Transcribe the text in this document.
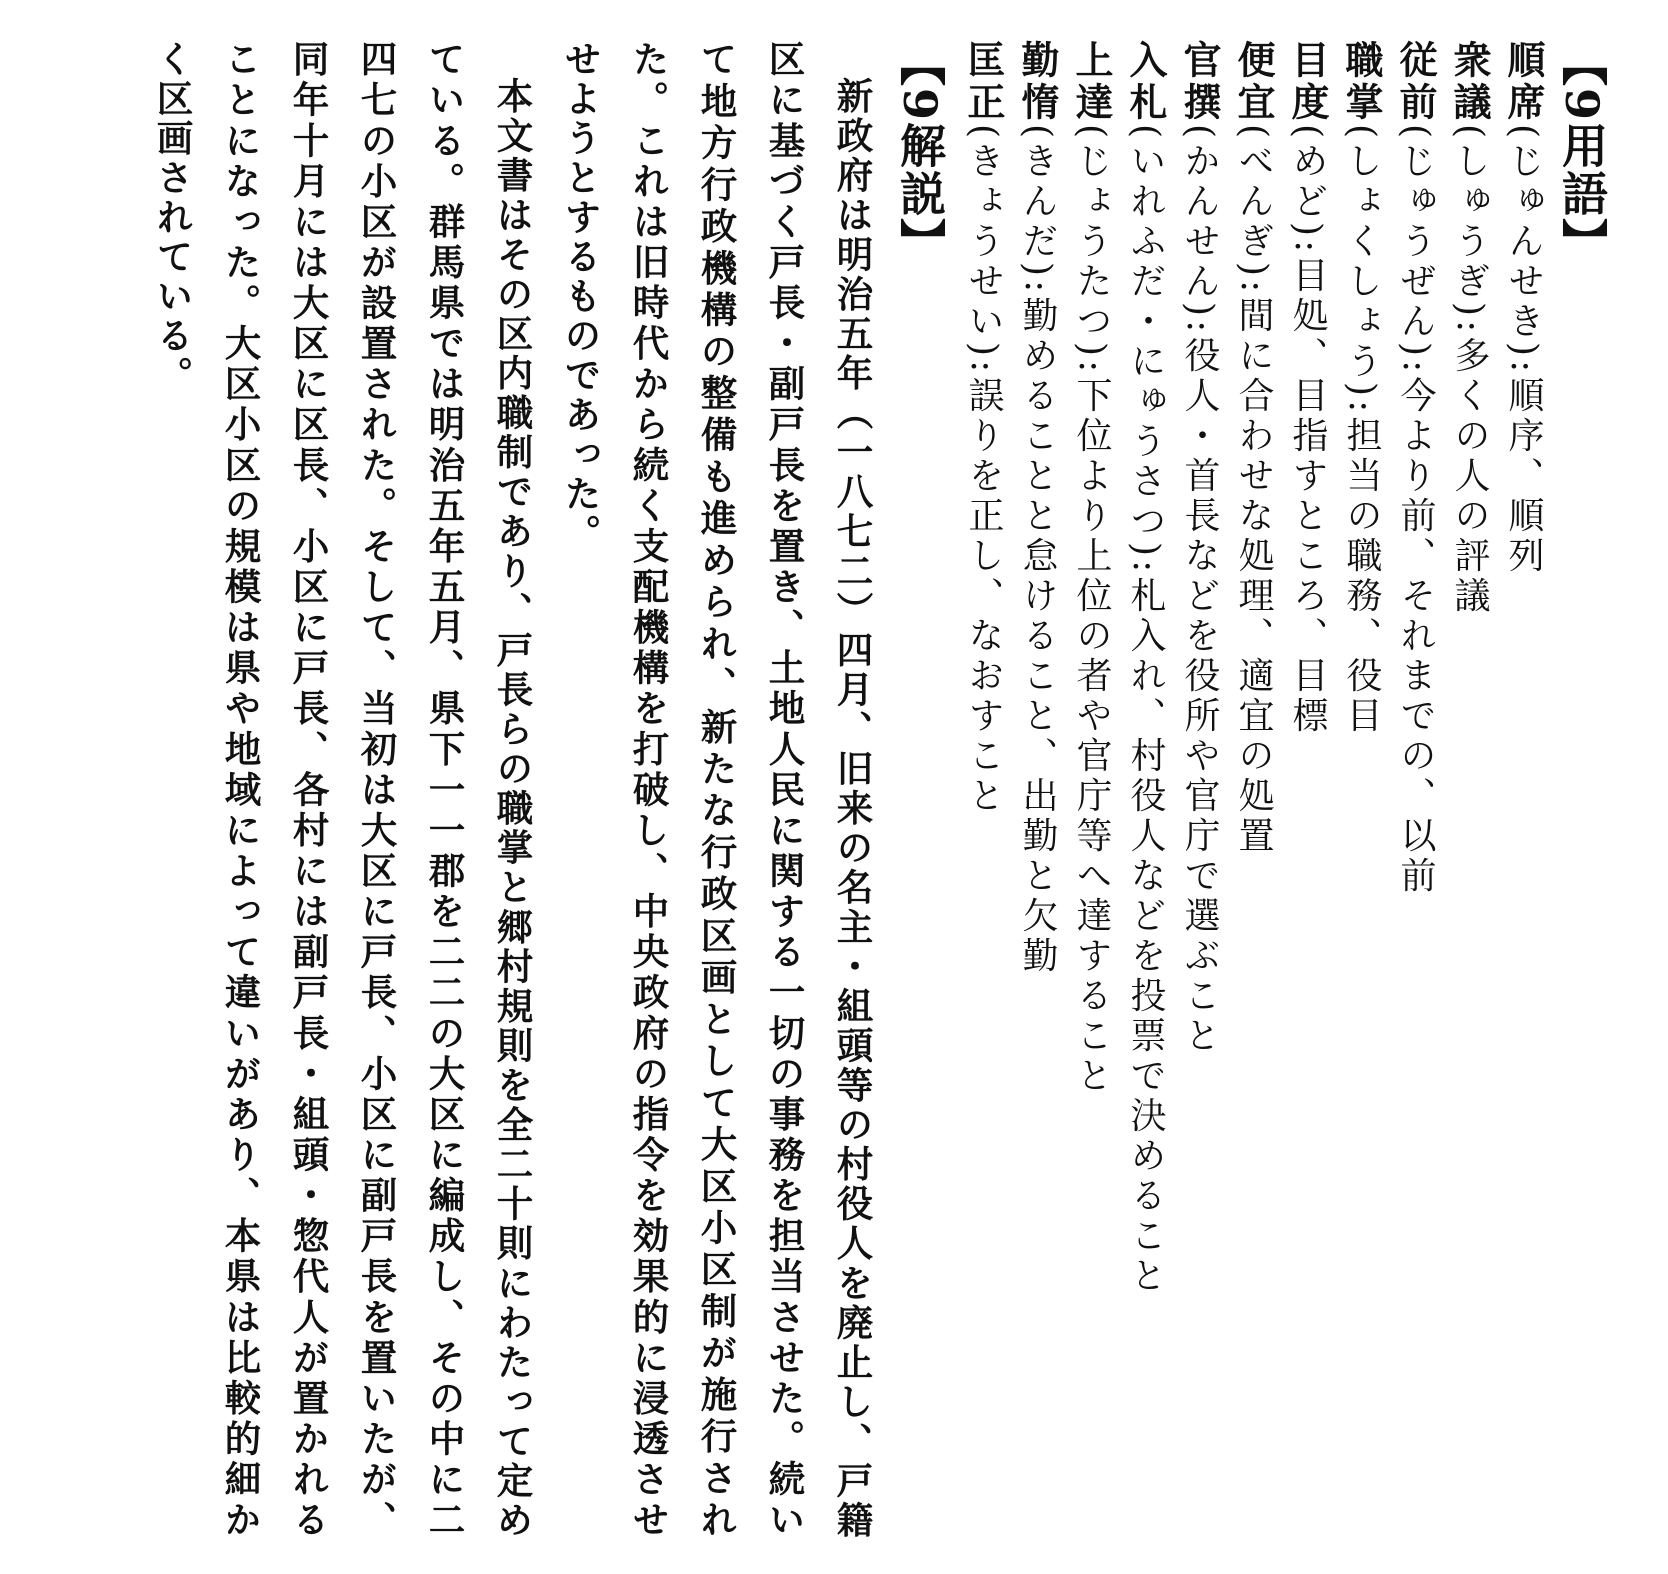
【9用語】
順席(じゅんせき):順序、順列
衆議(しゅうぎ):多くの人の評議
従前(じゅうぜん):今より前、それまでの、以前
職掌(しょくしょう):担当の職務、役目
目度(めど):目処、目指すところ、目標
便宜(べんぎ):間に合わせな処理、適宜の処置
官撰(かんせん):役人・首長などを役所や官庁で選ぶこと
入札(いれふだ・にゅうさつ):札入れ、村役人などを投票で決めること
上達(じょうたつ):下位より上位の者や官庁等へ達すること
勤惰(きんだ):勤めることと怠けること、出勤と欠勤
匡正(きょうせい):誤りを正し、なおすこと
【9解説】

新政府は明治五年（一八七二）四月、旧来の名主・組頭等の村役人を廃止し、戸籍区に基づく戸長・副戸長を置き、土地人民に関する一切の事務を担当させた。続いて地方行政機構の整備も進められ、新たな行政区画として大区小区制が施行された。これは旧時代から続く支配機構を打破し、中央政府の指令を効果的に浸透させせようとするものであった。

本文書はその区内職制であり、戸長らの職掌と郷村規則を全二十則にわたって定めている。群馬県では明治五年五月、県下一一郡を二二の大区に編成し、その中に二四七の小区が設置された。そして、当初は大区に戸長、小区に副戸長を置いたが、同年十月には大区に区長、小区に戸長、各村には副戸長・組頭・惣代人が置かれることになった。大区小区の規模は県や地域によって違いがあり、本県は比較的細かく区画されている。
